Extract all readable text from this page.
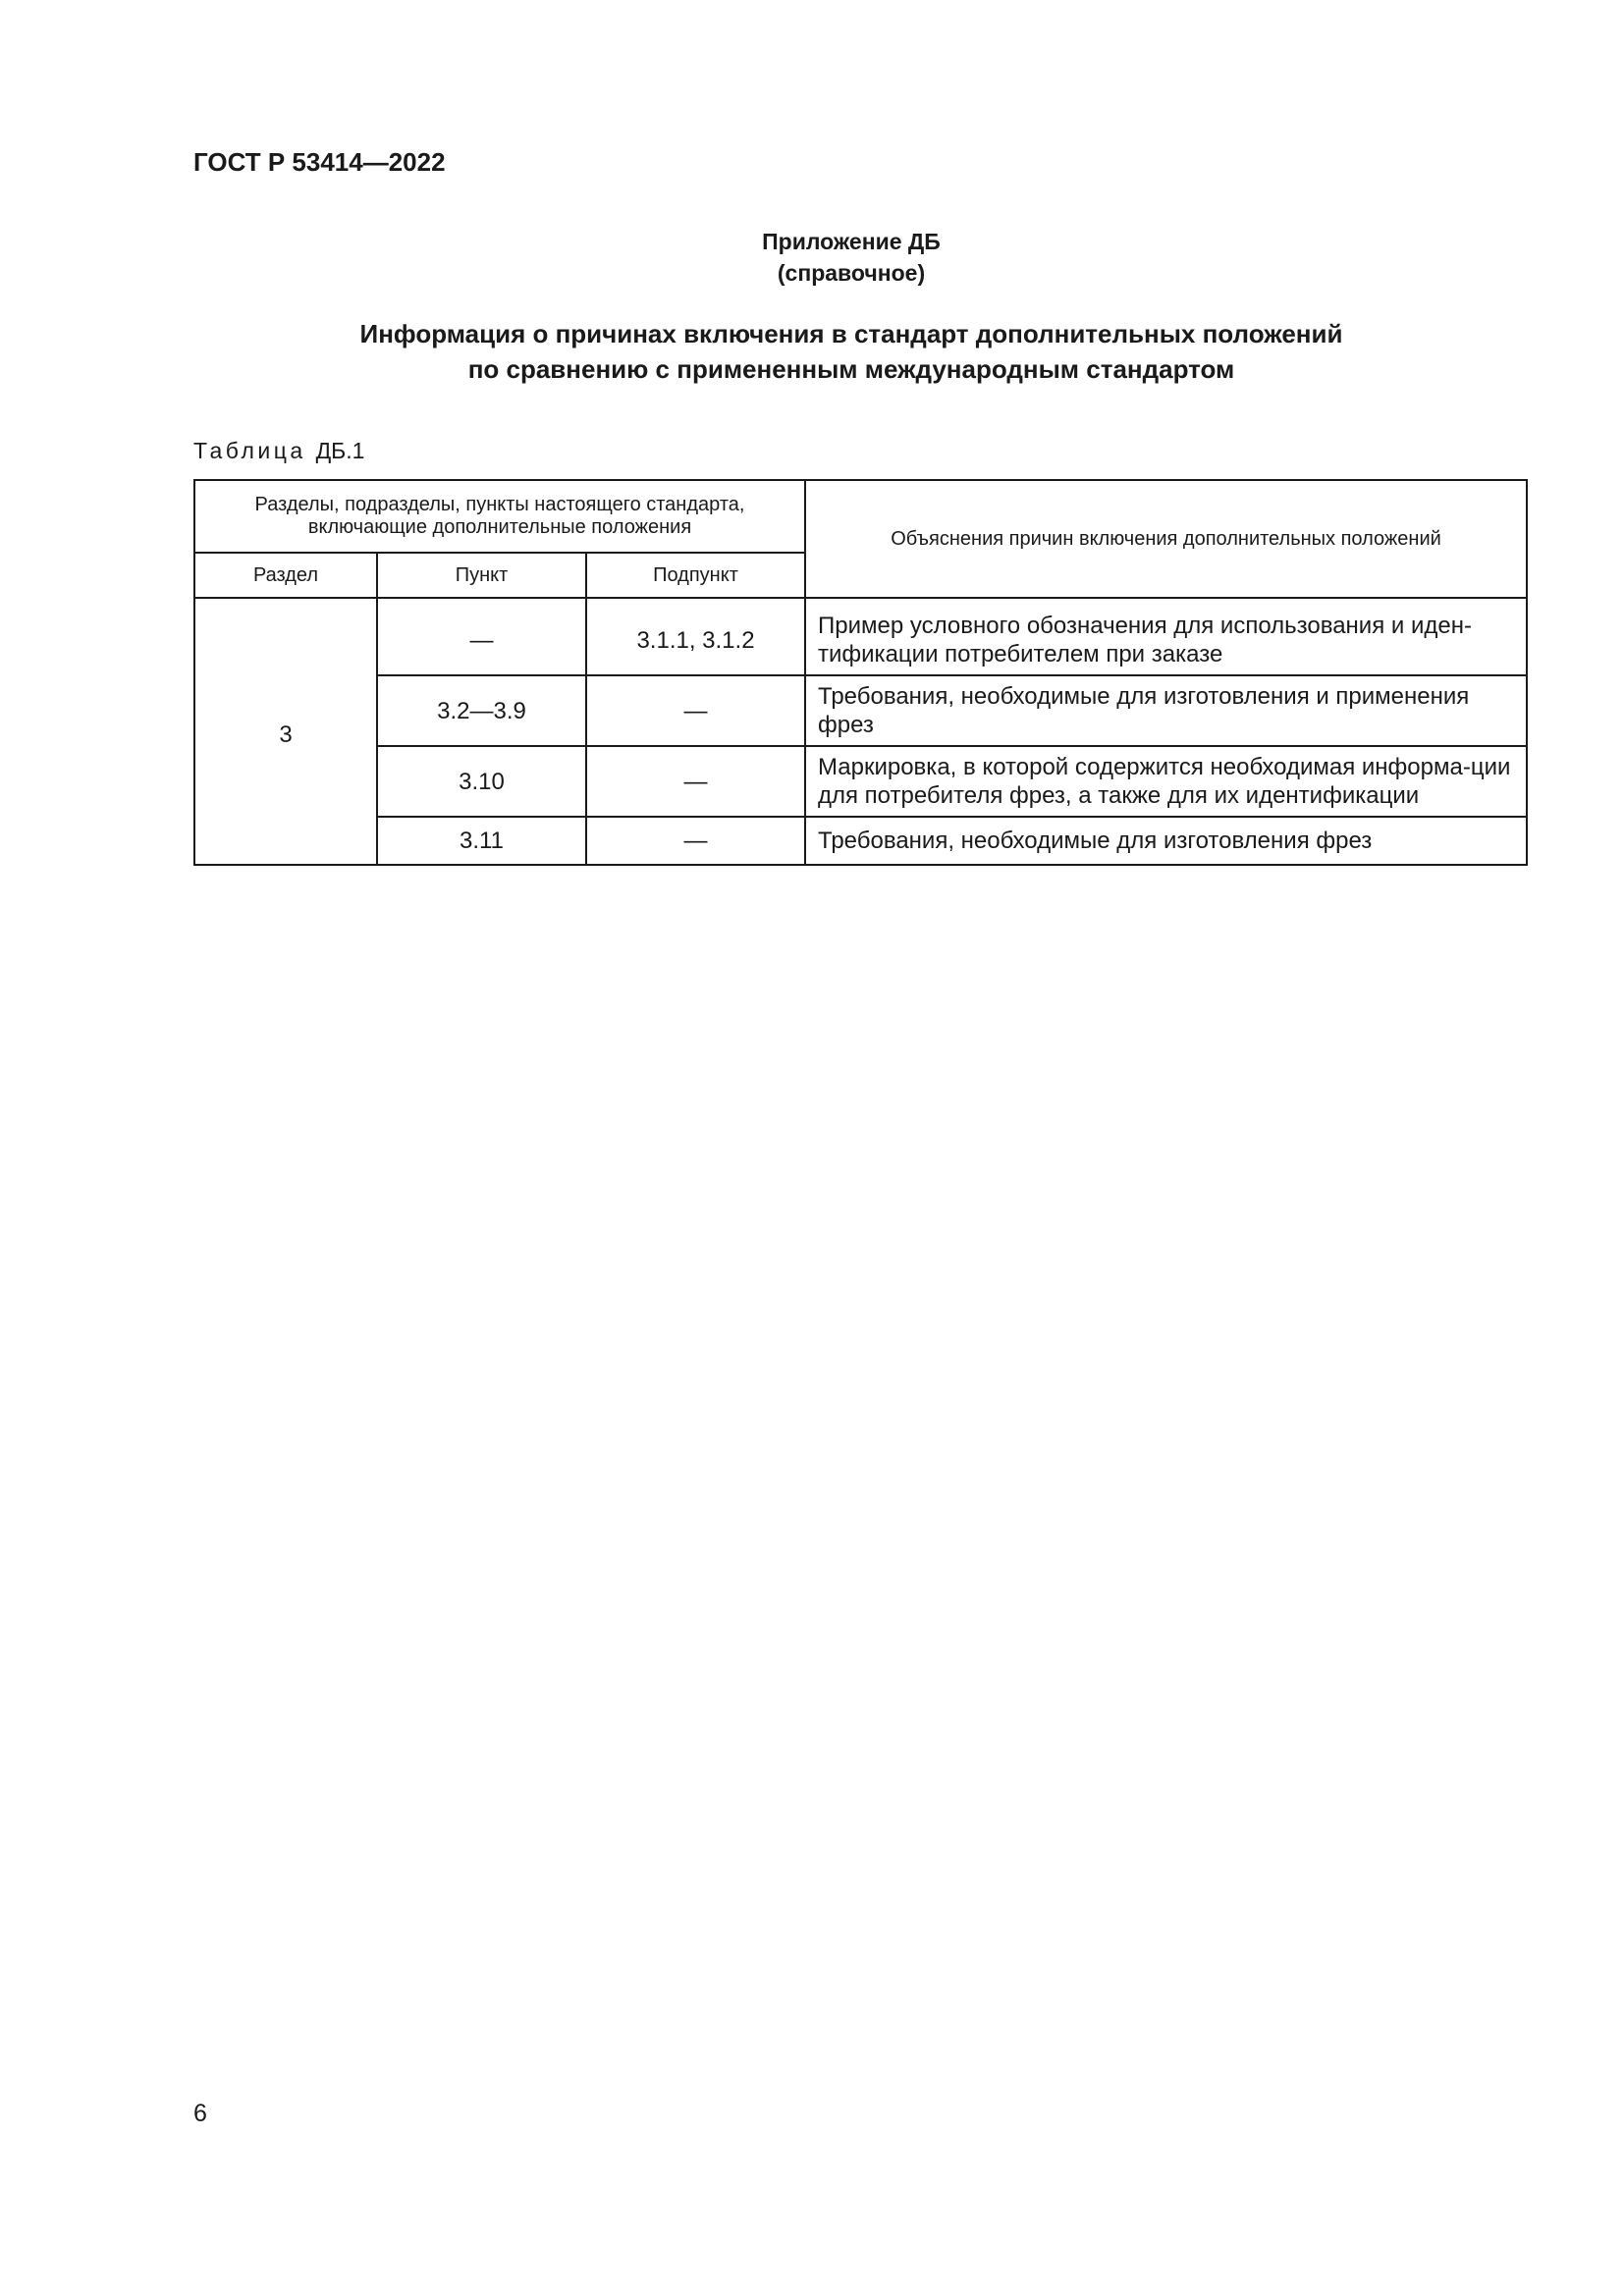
ГОСТ Р 53414—2022
Приложение ДБ
(справочное)
Информация о причинах включения в стандарт дополнительных положений
по сравнению с примененным международным стандартом
Таблица ДБ.1
Разделы, подразделы, пункты настоящего стандарта, включающие дополнительные положения			Объяснения причин включения дополнительных положений
Раздел	Пункт	Подпункт	

3	—	3.1.1, 3.1.2	Пример условного обозначения для использования и иден-тификации потребителем при заказе
	3.2—3.9	—	Требования, необходимые для изготовления и применения фрез
	3.10	—	Маркировка, в которой содержится необходимая информа-ции для потребителя фрез, а также для их идентификации
	3.11	—	Требования, необходимые для изготовления фрез
6
